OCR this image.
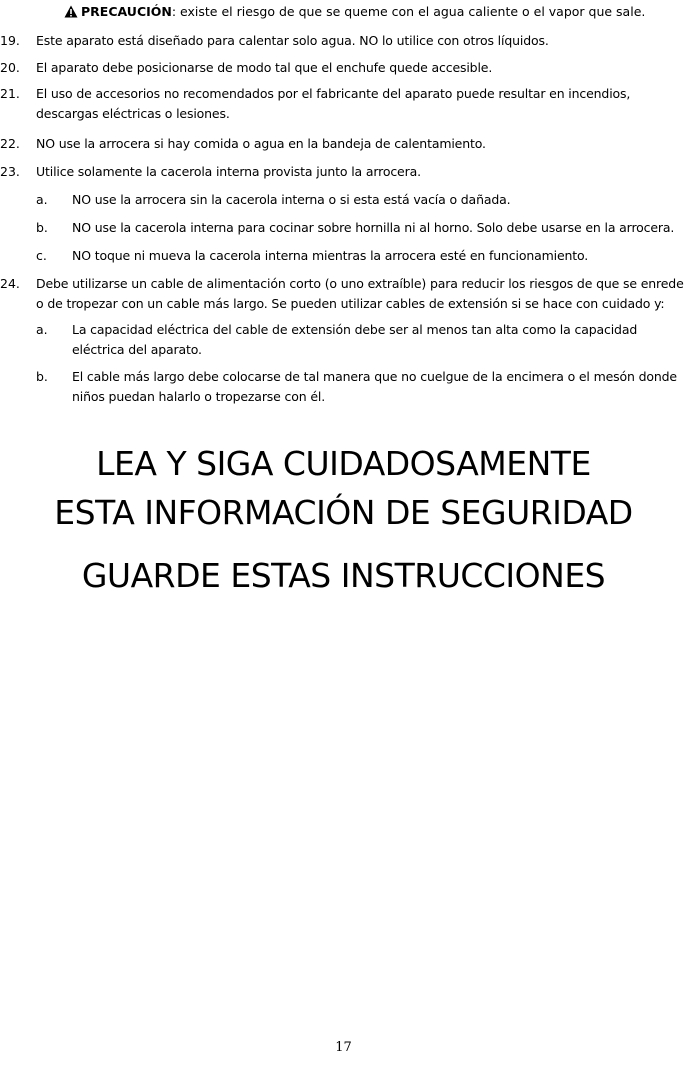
PRECAUCIÓN: existe el riesgo de que se queme con el agua caliente o el vapor que sale.
19.	Este aparato está diseñado para calentar solo agua. NO lo utilice con otros líquidos.
20.	El aparato debe posicionarse de modo tal que el enchufe quede accesible.
21.	El uso de accesorios no recomendados por el fabricante del aparato puede resultar en incendios, descargas eléctricas o lesiones.
22.	NO use la arrocera si hay comida o agua en la bandeja de calentamiento.
23.	Utilice solamente la cacerola interna provista junto la arrocera.
a.	NO use la arrocera sin la cacerola interna o si esta está vacía o dañada.
b.	NO use la cacerola interna para cocinar sobre hornilla ni al horno. Solo debe usarse en la arrocera.
c.	NO toque ni mueva la cacerola interna mientras la arrocera esté en funcionamiento.
24.	Debe utilizarse un cable de alimentación corto (o uno extraíble) para reducir los riesgos de que se enrede o de tropezar con un cable más largo. Se pueden utilizar cables de extensión si se hace con cuidado y:
a.	La capacidad eléctrica del cable de extensión debe ser al menos tan alta como la capacidad eléctrica del aparato.
b.	El cable más largo debe colocarse de tal manera que no cuelgue de la encimera o el mesón donde niños puedan halarlo o tropezarse con él.
LEA Y SIGA CUIDADOSAMENTE
ESTA INFORMACIÓN DE SEGURIDAD
GUARDE ESTAS INSTRUCCIONES
17
